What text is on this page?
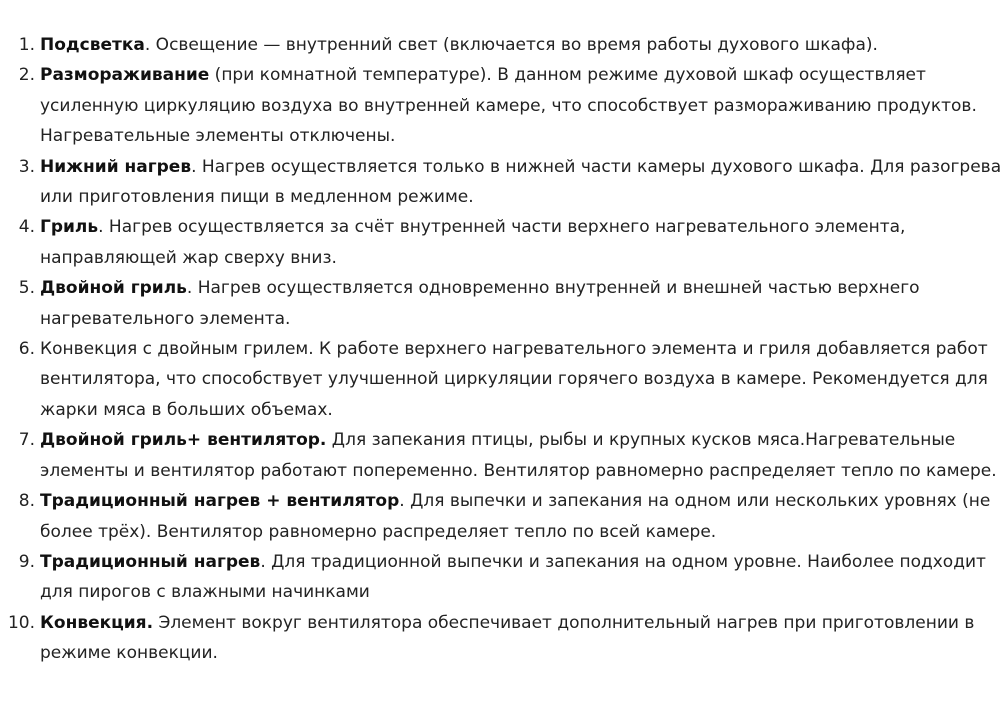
1. Подсветка. Освещение — внутренний свет (включается во время работы духового шкафа).
2. Размораживание (при комнатной температуре). В данном режиме духовой шкаф осуществляет усиленную циркуляцию воздуха во внутренней камере, что способствует размораживанию продуктов. Нагревательные элементы отключены.
3. Нижний нагрев. Нагрев осуществляется только в нижней части камеры духового шкафа. Для разогрева или приготовления пищи в медленном режиме.
4. Гриль. Нагрев осуществляется за счёт внутренней части верхнего нагревательного элемента, направляющей жар сверху вниз.
5. Двойной гриль. Нагрев осуществляется одновременно внутренней и внешней частью верхнего нагревательного элемента.
6. Конвекция с двойным грилем. К работе верхнего нагревательного элемента и гриля добавляется работ вентилятора, что способствует улучшенной циркуляции горячего воздуха в камере. Рекомендуется для жарки мяса в больших объемах.
7. Двойной гриль+ вентилятор. Для запекания птицы, рыбы и крупных кусков мяса.Нагревательные элементы и вентилятор работают попеременно. Вентилятор равномерно распределяет тепло по камере.
8. Традиционный нагрев + вентилятор. Для выпечки и запекания на одном или нескольких уровнях (не более трёх). Вентилятор равномерно распределяет тепло по всей камере.
9. Традиционный нагрев. Для традиционной выпечки и запекания на одном уровне. Наиболее подходит для пирогов с влажными начинками
10. Конвекция. Элемент вокруг вентилятора обеспечивает дополнительный нагрев при приготовлении в режиме конвекции.
